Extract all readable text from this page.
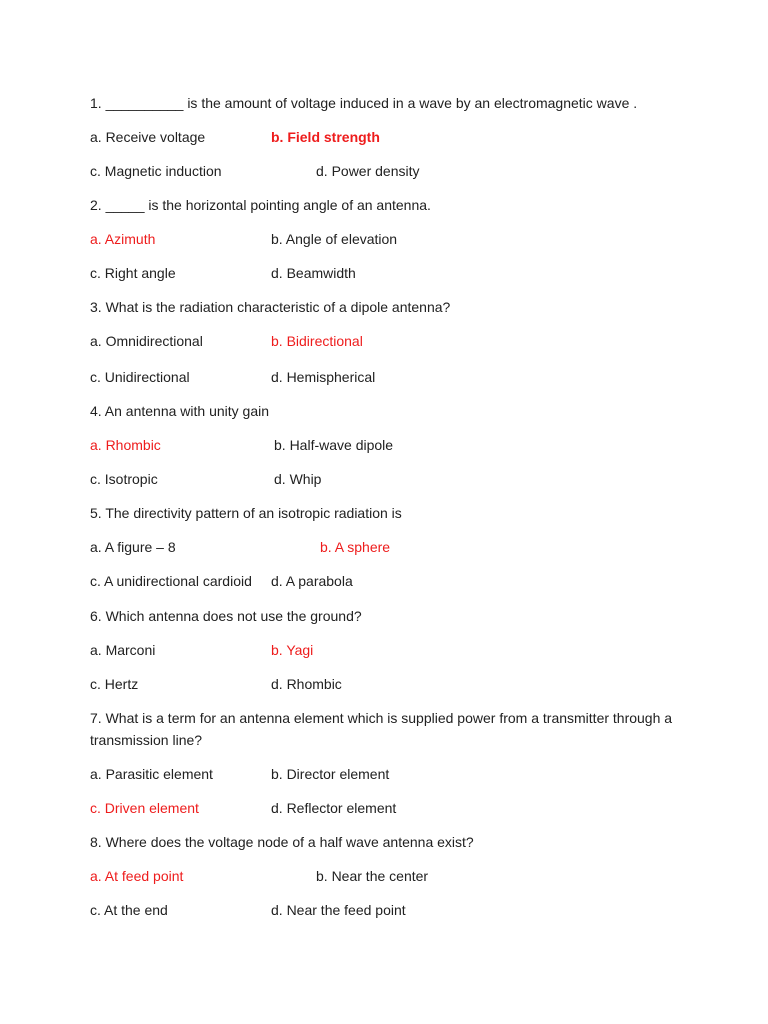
1. __________ is the amount of voltage induced in a wave by an electromagnetic wave .
a. Receive voltage	b. Field strength
c. Magnetic induction	d. Power density
2. _____ is the horizontal pointing angle of an antenna.
a. Azimuth	b. Angle of elevation
c. Right angle	d. Beamwidth
3. What is the radiation characteristic of a dipole antenna?
a. Omnidirectional	b. Bidirectional
c. Unidirectional	d. Hemispherical
4. An antenna with unity gain
a. Rhombic	b. Half-wave dipole
c. Isotropic	d. Whip
5. The directivity pattern of an isotropic radiation is
a. A figure – 8	b. A sphere
c. A unidirectional cardioid d. A parabola
6. Which antenna does not use the ground?
a. Marconi	b. Yagi
c. Hertz	d. Rhombic
7. What is a term for an antenna element which is supplied power from a transmitter through a transmission line?
a. Parasitic element	b. Director element
c. Driven element	d. Reflector element
8. Where does the voltage node of a half wave antenna exist?
a. At feed point	b. Near the center
c. At the end	d. Near the feed point
